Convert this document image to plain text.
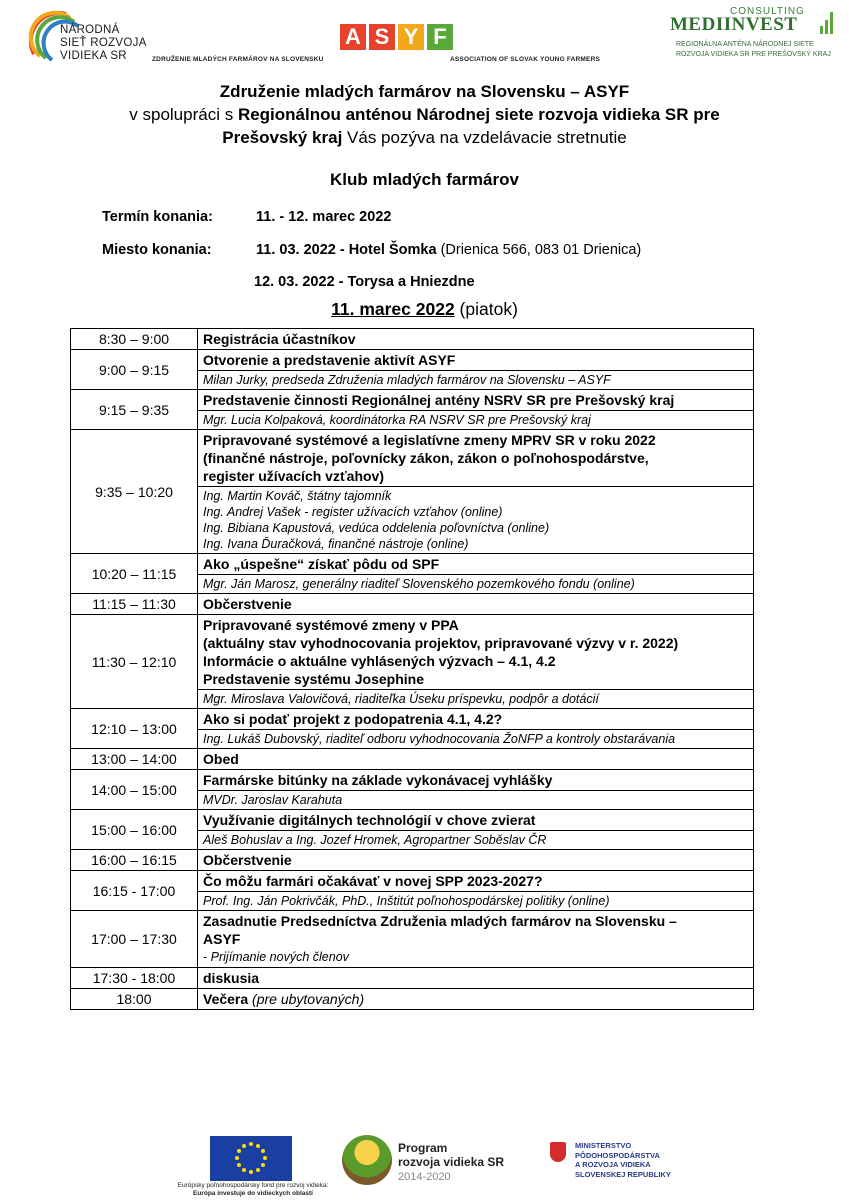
NÁRODNÁ
SIEŤ ROZVOJA
VIDIEKA SR
A S Y F
ZDRUŽENIE MLADÝCH FARMÁROV NA SLOVENSKU	ASSOCIATION OF SLOVAK YOUNG FARMERS
CONSULTING
MEDIINVEST
REGIONÁLNA ANTÉNA NÁRODNEJ SIETE
ROZVOJA VIDIEKA SR PRE PREŠOVSKÝ KRAJ
Združenie mladých farmárov na Slovensku – ASYF
v spolupráci s Regionálnou anténou Národnej siete rozvoja vidieka SR pre
Prešovský kraj Vás pozýva na vzdelávacie stretnutie
Klub mladých farmárov
Termín konania:	11. - 12. marec 2022
Miesto konania:	11. 03. 2022 - Hotel Šomka (Drienica 566, 083 01 Drienica)
12. 03. 2022 - Torysa a Hniezdne
11. marec 2022 (piatok)
8:30 – 9:00	Registrácia účastníkov

9:00 – 9:15	Otvorenie a predstavenie aktivít ASYF

	Milan Jurky, predseda Združenia mladých farmárov na Slovensku – ASYF

9:15 – 9:35	Predstavenie činnosti Regionálnej antény NSRV SR pre Prešovský kraj

	Mgr. Lucia Kolpaková, koordinátorka RA NSRV SR pre Prešovský kraj

9:35 – 10:20	Pripravované systémové a legislatívne zmeny MPRV SR v roku 2022
(finančné nástroje, poľovnícky zákon, zákon o poľnohospodárstve,
register užívacích vzťahov)

	Ing. Martin Kováč, štátny tajomník
Ing. Andrej Vašek - register užívacích vzťahov (online)
Ing. Bibiana Kapustová, vedúca oddelenia poľovníctva (online)
Ing. Ivana Ďuračková, finančné nástroje (online)

10:20 – 11:15	Ako „úspešne“ získať pôdu od SPF

	Mgr. Ján Marosz, generálny riaditeľ Slovenského pozemkového fondu (online)

11:15 – 11:30	Občerstvenie

11:30 – 12:10	Pripravované systémové zmeny v PPA
(aktuálny stav vyhodnocovania projektov, pripravované výzvy v r. 2022)
Informácie o aktuálne vyhlásených výzvach – 4.1, 4.2
Predstavenie systému Josephine

	Mgr. Miroslava Valovičová, riaditeľka Úseku príspevku, podpôr a dotácií

12:10 – 13:00	Ako si podať projekt z podopatrenia 4.1, 4.2?

	Ing. Lukáš Dubovský, riaditeľ odboru vyhodnocovania ŽoNFP a kontroly obstarávania

13:00 – 14:00	Obed

14:00 – 15:00	Farmárske bitúnky na základe vykonávacej vyhlášky

	MVDr. Jaroslav Karahuta

15:00 – 16:00	Využívanie digitálnych technológií v chove zvierat

	Aleš Bohuslav a Ing. Jozef Hromek, Agropartner Soběslav ČR

16:00 – 16:15	Občerstvenie

16:15 - 17:00	Čo môžu farmári očakávať v novej SPP 2023-2027?

	Prof. Ing. Ján Pokrivčák, PhD., Inštitút poľnohospodárskej politiky (online)

17:00 – 17:30	Zasadnutie Predsedníctva Združenia mladých farmárov na Slovensku –
ASYF
- Prijímanie nových členov

17:30 - 18:00	diskusia

18:00	Večera (pre ubytovaných)
Európsky poľnohospodársky fond pre rozvoj vidieka:
Európa investuje do vidieckych oblastí
Program
rozvoja vidieka SR
2014-2020
MINISTERSTVO
PÔDOHOSPODÁRSTVA
A ROZVOJA VIDIEKA
SLOVENSKEJ REPUBLIKY
